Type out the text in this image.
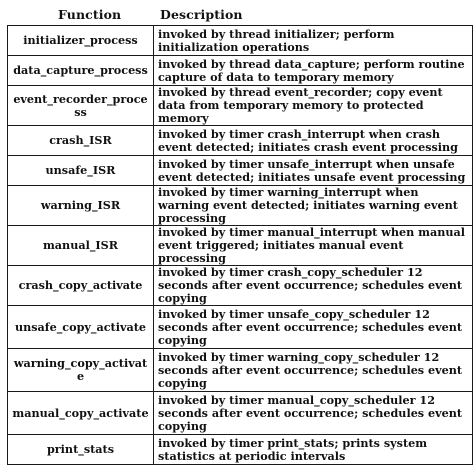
Function	Description
initializer_process	invoked by thread initializer; perform initialization operations
data_capture_process	invoked by thread data_capture; perform routine capture of data to temporary memory
event_recorder_process	invoked by thread event_recorder; copy event data from temporary memory to protected memory
crash_ISR	invoked by timer crash_interrupt when crash event detected; initiates crash event processing
unsafe_ISR	invoked by timer unsafe_interrupt when unsafe event detected; initiates unsafe event processing
warning_ISR	invoked by timer warning_interrupt when warning event detected; initiates warning event processing
manual_ISR	invoked by timer manual_interrupt when manual event triggered; initiates manual event processing
crash_copy_activate	invoked by timer crash_copy_scheduler 12 seconds after event occurrence; schedules event copying
unsafe_copy_activate	invoked by timer unsafe_copy_scheduler 12 seconds after event occurrence; schedules event copying
warning_copy_activate	invoked by timer warning_copy_scheduler 12 seconds after event occurrence; schedules event copying
manual_copy_activate	invoked by timer manual_copy_scheduler 12 seconds after event occurrence; schedules event copying
print_stats	invoked by timer print_stats; prints system statistics at periodic intervals
